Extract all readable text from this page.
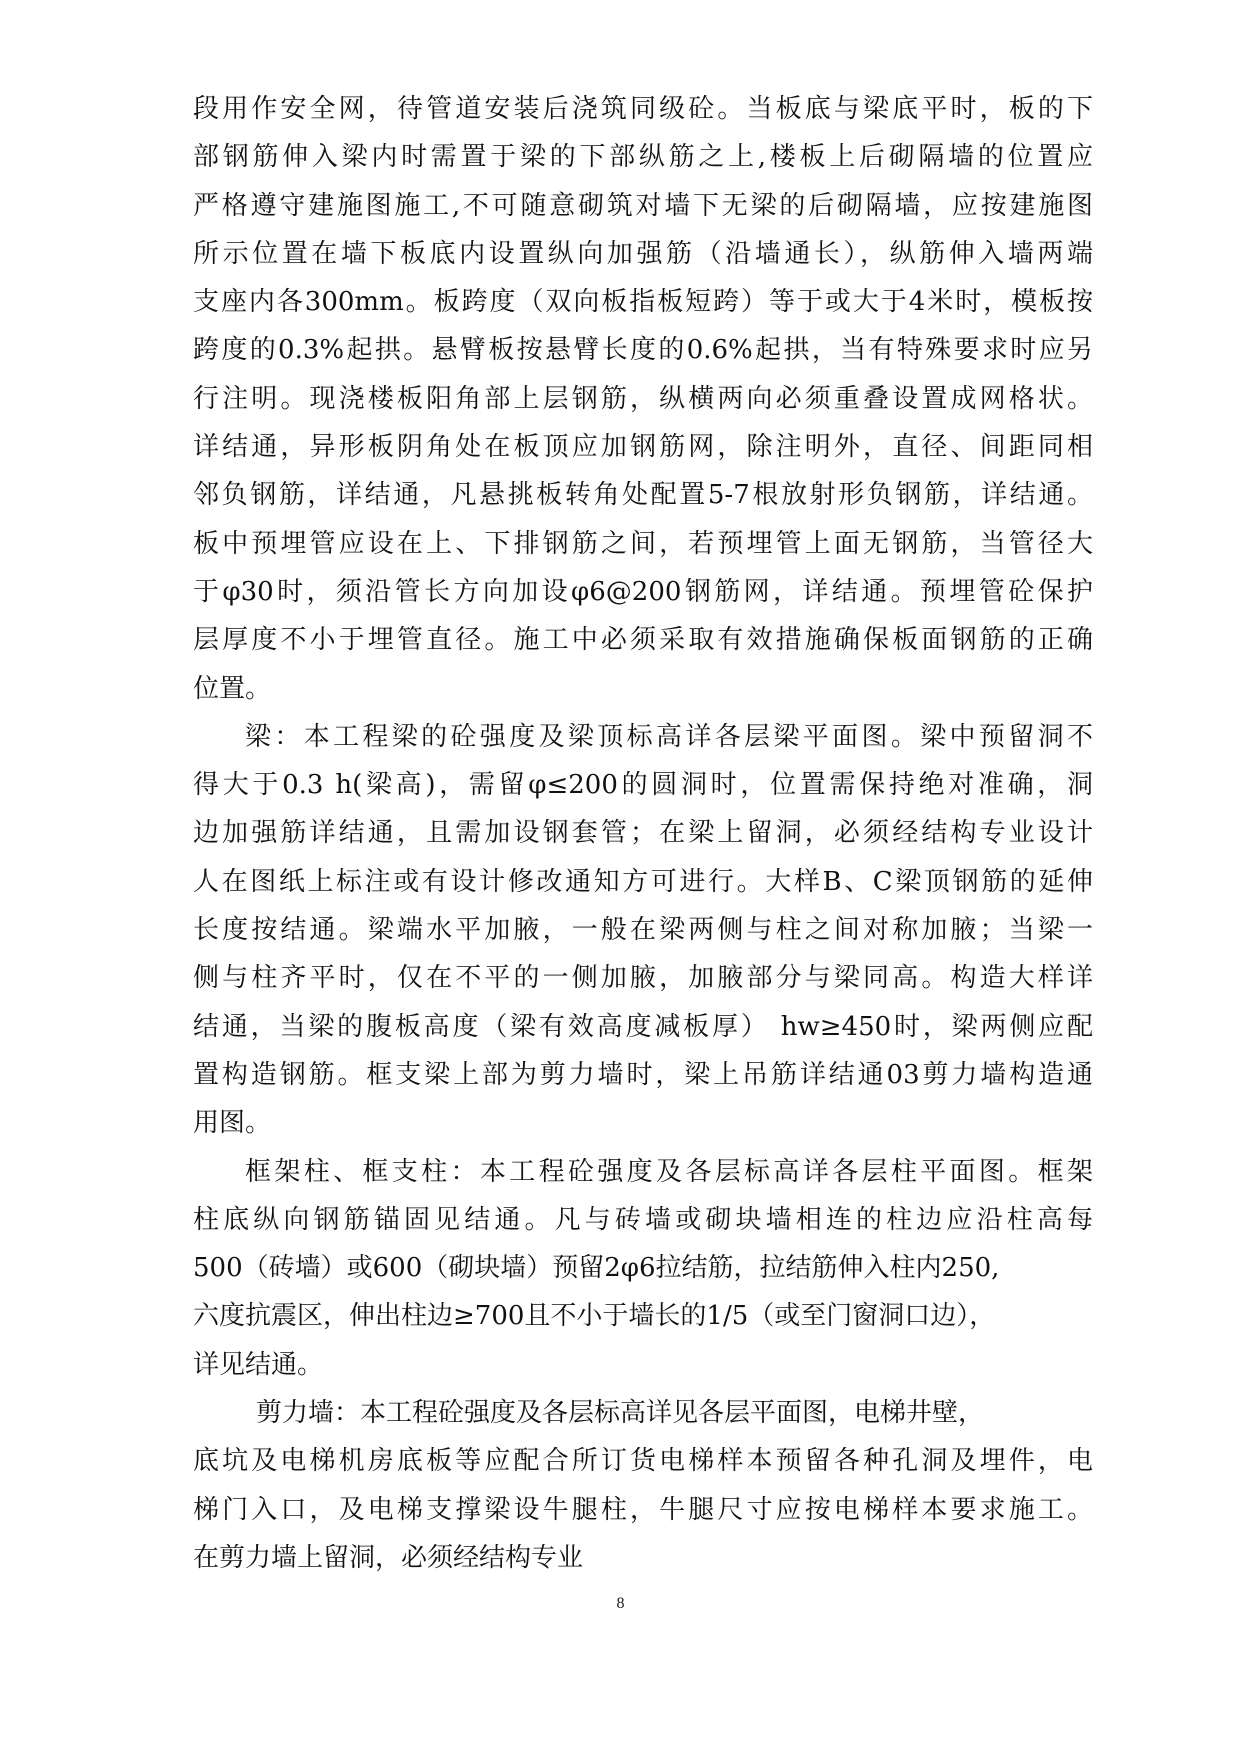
段用作安全网，待管道安装后浇筑同级砼。当板底与梁底平时，板的下
部钢筋伸入梁内时需置于梁的下部纵筋之上,楼板上后砌隔墙的位置应
严格遵守建施图施工,不可随意砌筑对墙下无梁的后砌隔墙，应按建施图
所示位置在墙下板底内设置纵向加强筋（沿墙通长），纵筋伸入墙两端
支座内各300mm。板跨度（双向板指板短跨）等于或大于4米时，模板按
跨度的0.3%起拱。悬臂板按悬臂长度的0.6%起拱，当有特殊要求时应另
行注明。现浇楼板阳角部上层钢筋，纵横两向必须重叠设置成网格状。
详结通，异形板阴角处在板顶应加钢筋网，除注明外，直径、间距同相
邻负钢筋，详结通，凡悬挑板转角处配置5-7根放射形负钢筋，详结通。
板中预埋管应设在上、下排钢筋之间，若预埋管上面无钢筋，当管径大
于φ30时，须沿管长方向加设φ6@200钢筋网，详结通。预埋管砼保护
层厚度不小于埋管直径。施工中必须采取有效措施确保板面钢筋的正确
位置。
梁：本工程梁的砼强度及梁顶标高详各层梁平面图。梁中预留洞不
得大于0.3 h(梁高)，需留φ≤200的圆洞时，位置需保持绝对准确，洞
边加强筋详结通，且需加设钢套管；在梁上留洞，必须经结构专业设计
人在图纸上标注或有设计修改通知方可进行。大样B、C梁顶钢筋的延伸
长度按结通。梁端水平加腋，一般在梁两侧与柱之间对称加腋；当梁一
侧与柱齐平时，仅在不平的一侧加腋，加腋部分与梁同高。构造大样详
结通，当梁的腹板高度（梁有效高度减板厚） hw≥450时，梁两侧应配
置构造钢筋。框支梁上部为剪力墙时，梁上吊筋详结通03剪力墙构造通
用图。
框架柱、框支柱：本工程砼强度及各层标高详各层柱平面图。框架
柱底纵向钢筋锚固见结通。凡与砖墙或砌块墙相连的柱边应沿柱高每
500（砖墙）或600（砌块墙）预留2φ6拉结筋，拉结筋伸入柱内250,
六度抗震区，伸出柱边≥700且不小于墙长的1/5（或至门窗洞口边），
详见结通。
剪力墙：本工程砼强度及各层标高详见各层平面图，电梯井壁，
底坑及电梯机房底板等应配合所订货电梯样本预留各种孔洞及埋件，电
梯门入口，及电梯支撑梁设牛腿柱，牛腿尺寸应按电梯样本要求施工。
在剪力墙上留洞，必须经结构专业
8
